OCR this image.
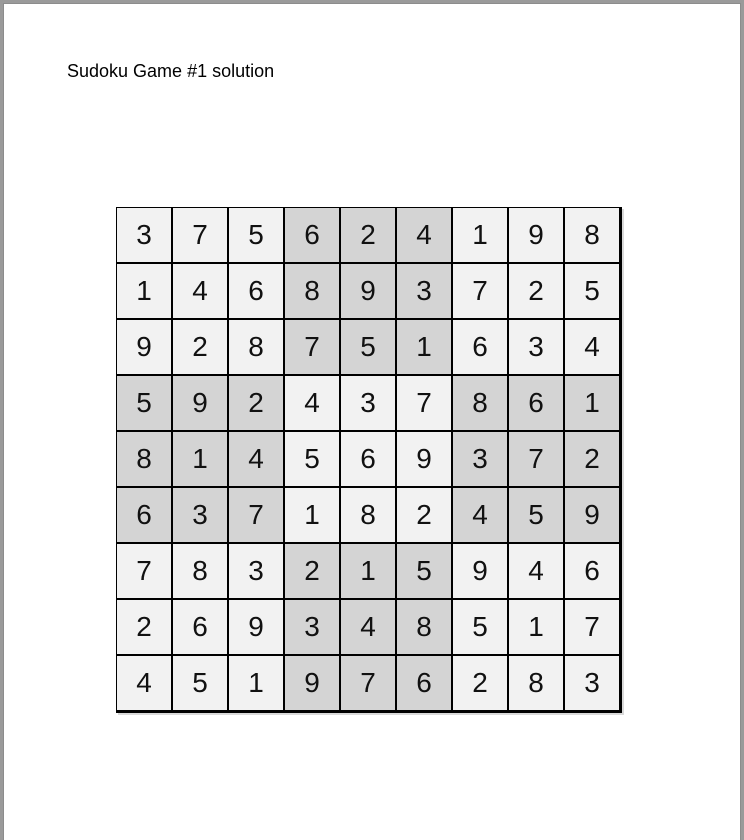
Sudoku Game #1 solution
3	7	5	6	2	4	1	9	8
1	4	6	8	9	3	7	2	5
9	2	8	7	5	1	6	3	4
5	9	2	4	3	7	8	6	1
8	1	4	5	6	9	3	7	2
6	3	7	1	8	2	4	5	9
7	8	3	2	1	5	9	4	6
2	6	9	3	4	8	5	1	7
4	5	1	9	7	6	2	8	3
